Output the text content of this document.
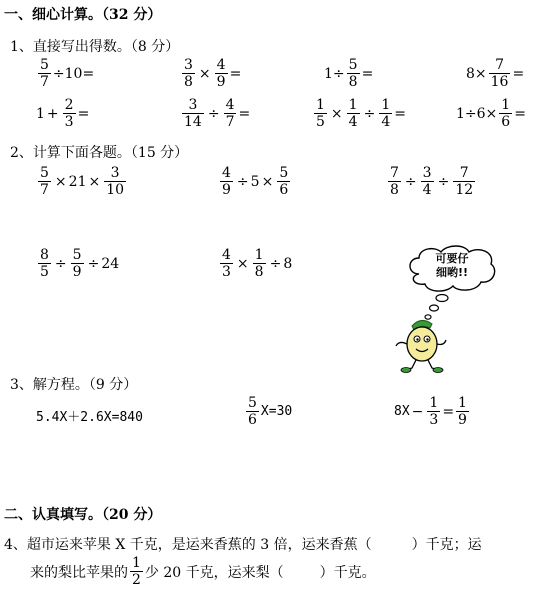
一、细心计算。（32 分）
1、直接写出得数。（8 分）
$\frac{5}{7} \div 10=$	$\frac{3}{8} \times \frac{4}{9}$ =	$1\div \frac{5}{8}$ =	$8\times \frac{7}{16}$ =
$1 + \frac{2}{3}$ =	$\frac{3}{14} \div \frac{4}{7}$ =	$\frac{1}{5} \times \frac{1}{4} \div \frac{1}{4}$ =	$1\div 6\times \frac{1}{6}$ =
2、计算下面各题。（15 分）
$\frac{5}{7} \times 21 \times \frac{3}{10}$	$\frac{4}{9} \div 5 \times \frac{5}{6}$	$\frac{7}{8} \div \frac{3}{4} \div \frac{7}{12}$
$\frac{8}{5} \div \frac{5}{9} \div 24$	$\frac{4}{3} \times \frac{1}{8} \div 8$	可要仔
细哟!!
3、解方程。（9 分）
5.4X＋2.6X=840	$\frac{5}{6} X=30$	$8X - \frac{1}{3} = \frac{1}{9}$
二、认真填写。（20 分）
4、超市运来苹果 X 千克，是运来香蕉的 3 倍，运来香蕉（	）千克；运
来的梨比苹果的 $\frac{1}{2}$ 少 20 千克，运来梨（	）千克。
